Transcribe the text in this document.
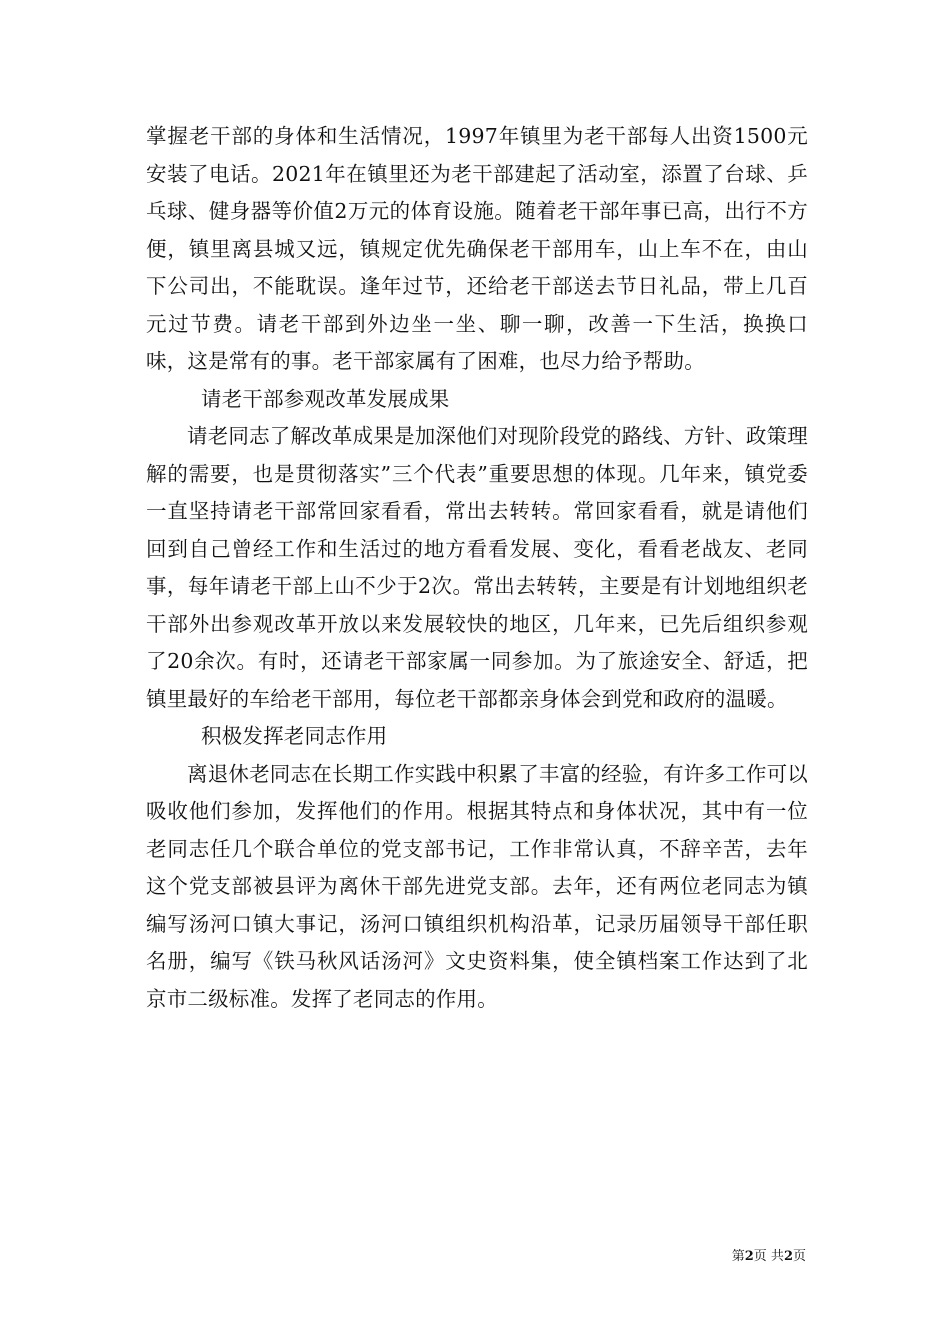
掌握老干部的身体和生活情况，1997年镇里为老干部每人出资1500元安装了电话。2021年在镇里还为老干部建起了活动室，添置了台球、乒乓球、健身器等价值2万元的体育设施。随着老干部年事已高，出行不方便，镇里离县城又远，镇规定优先确保老干部用车，山上车不在，由山下公司出，不能耽误。逢年过节，还给老干部送去节日礼品，带上几百元过节费。请老干部到外边坐一坐、聊一聊，改善一下生活，换换口味，这是常有的事。老干部家属有了困难，也尽力给予帮助。

请老干部参观改革发展成果

请老同志了解改革成果是加深他们对现阶段党的路线、方针、政策理解的需要，也是贯彻落实”三个代表”重要思想的体现。几年来，镇党委一直坚持请老干部常回家看看，常出去转转。常回家看看，就是请他们回到自己曾经工作和生活过的地方看看发展、变化，看看老战友、老同事，每年请老干部上山不少于2次。常出去转转，主要是有计划地组织老干部外出参观改革开放以来发展较快的地区，几年来，已先后组织参观了20余次。有时，还请老干部家属一同参加。为了旅途安全、舒适，把镇里最好的车给老干部用，每位老干部都亲身体会到党和政府的温暖。

积极发挥老同志作用

离退休老同志在长期工作实践中积累了丰富的经验，有许多工作可以吸收他们参加，发挥他们的作用。根据其特点和身体状况，其中有一位老同志任几个联合单位的党支部书记，工作非常认真，不辞辛苦，去年这个党支部被县评为离休干部先进党支部。去年，还有两位老同志为镇编写汤河口镇大事记，汤河口镇组织机构沿革，记录历届领导干部任职名册，编写《铁马秋风话汤河》文史资料集，使全镇档案工作达到了北京市二级标准。发挥了老同志的作用。

第2页 共2页
